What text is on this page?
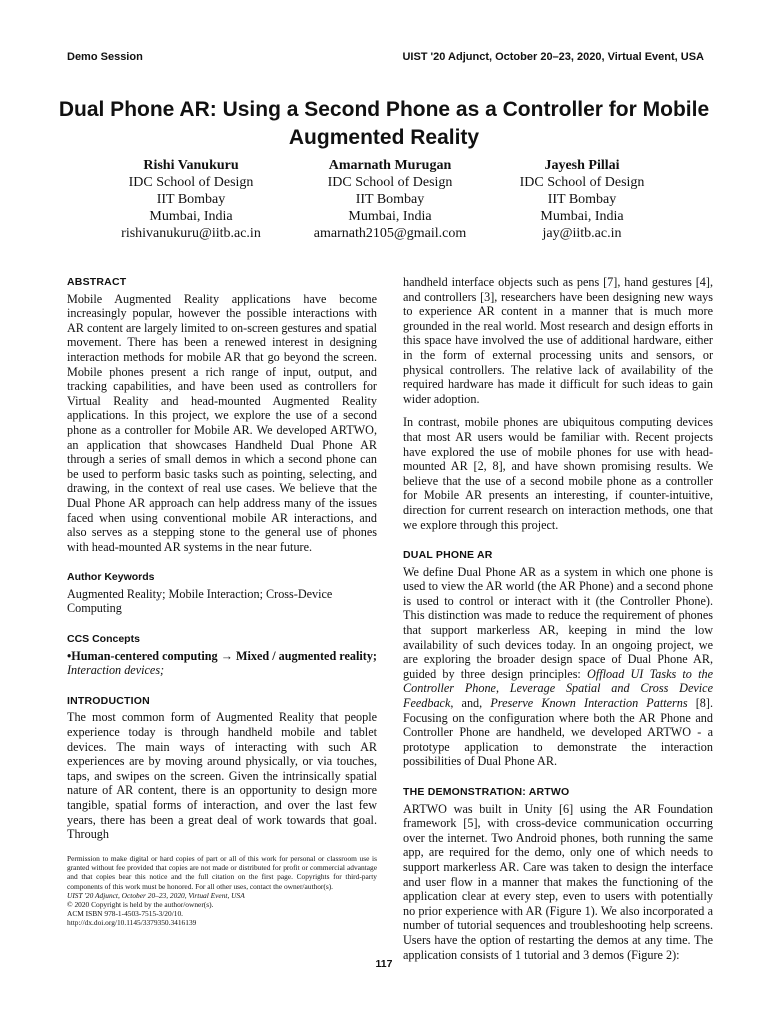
Demo Session	UIST '20 Adjunct, October 20–23, 2020, Virtual Event, USA
Dual Phone AR: Using a Second Phone as a Controller for Mobile Augmented Reality
Rishi Vanukuru
IDC School of Design
IIT Bombay
Mumbai, India
rishivanukuru@iitb.ac.in
Amarnath Murugan
IDC School of Design
IIT Bombay
Mumbai, India
amarnath2105@gmail.com
Jayesh Pillai
IDC School of Design
IIT Bombay
Mumbai, India
jay@iitb.ac.in
ABSTRACT
Mobile Augmented Reality applications have become increasingly popular, however the possible interactions with AR content are largely limited to on-screen gestures and spatial movement. There has been a renewed interest in designing interaction methods for mobile AR that go beyond the screen. Mobile phones present a rich range of input, output, and tracking capabilities, and have been used as controllers for Virtual Reality and head-mounted Augmented Reality applications. In this project, we explore the use of a second phone as a controller for Mobile AR. We developed ARTWO, an application that showcases Handheld Dual Phone AR through a series of small demos in which a second phone can be used to perform basic tasks such as pointing, selecting, and drawing, in the context of real use cases. We believe that the Dual Phone AR approach can help address many of the issues faced when using conventional mobile AR interactions, and also serves as a stepping stone to the general use of phones with head-mounted AR systems in the near future.
Author Keywords
Augmented Reality; Mobile Interaction; Cross-Device Computing
CCS Concepts
•Human-centered computing → Mixed / augmented reality; Interaction devices;
INTRODUCTION
The most common form of Augmented Reality that people experience today is through handheld mobile and tablet devices. The main ways of interacting with such AR experiences are by moving around physically, or via touches, taps, and swipes on the screen. Given the intrinsically spatial nature of AR content, there is an opportunity to design more tangible, spatial forms of interaction, and over the last few years, there has been a great deal of work towards that goal. Through
Permission to make digital or hard copies of part or all of this work for personal or classroom use is granted without fee provided that copies are not made or distributed for profit or commercial advantage and that copies bear this notice and the full citation on the first page. Copyrights for third-party components of this work must be honored. For all other uses, contact the owner/author(s).
UIST '20 Adjunct, October 20–23, 2020, Virtual Event, USA
© 2020 Copyright is held by the author/owner(s).
ACM ISBN 978-1-4503-7515-3/20/10.
http://dx.doi.org/10.1145/3379350.3416139

handheld interface objects such as pens [7], hand gestures [4], and controllers [3], researchers have been designing new ways to experience AR content in a manner that is much more grounded in the real world. Most research and design efforts in this space have involved the use of additional hardware, either in the form of external processing units and sensors, or physical controllers. The relative lack of availability of the required hardware has made it difficult for such ideas to gain wider adoption.

In contrast, mobile phones are ubiquitous computing devices that most AR users would be familiar with. Recent projects have explored the use of mobile phones for use with head-mounted AR [2, 8], and have shown promising results. We believe that the use of a second mobile phone as a controller for Mobile AR presents an interesting, if counter-intuitive, direction for current research on interaction methods, one that we explore through this project.

DUAL PHONE AR
We define Dual Phone AR as a system in which one phone is used to view the AR world (the AR Phone) and a second phone is used to control or interact with it (the Controller Phone). This distinction was made to reduce the requirement of phones that support markerless AR, keeping in mind the low availability of such devices today. In an ongoing project, we are exploring the broader design space of Dual Phone AR, guided by three design principles: Offload UI Tasks to the Controller Phone, Leverage Spatial and Cross Device Feedback, and, Preserve Known Interaction Patterns [8]. Focusing on the configuration where both the AR Phone and Controller Phone are handheld, we developed ARTWO - a prototype application to demonstrate the interaction possibilities of Dual Phone AR.
THE DEMONSTRATION: ARTWO
ARTWO was built in Unity [6] using the AR Foundation framework [5], with cross-device communication occurring over the internet. Two Android phones, both running the same app, are required for the demo, only one of which needs to support markerless AR. Care was taken to design the interface and user flow in a manner that makes the functioning of the application clear at every step, even to users with potentially no prior experience with AR (Figure 1). We also incorporated a number of tutorial sequences and troubleshooting help screens. Users have the option of restarting the demos at any time. The application consists of 1 tutorial and 3 demos (Figure 2):
117
